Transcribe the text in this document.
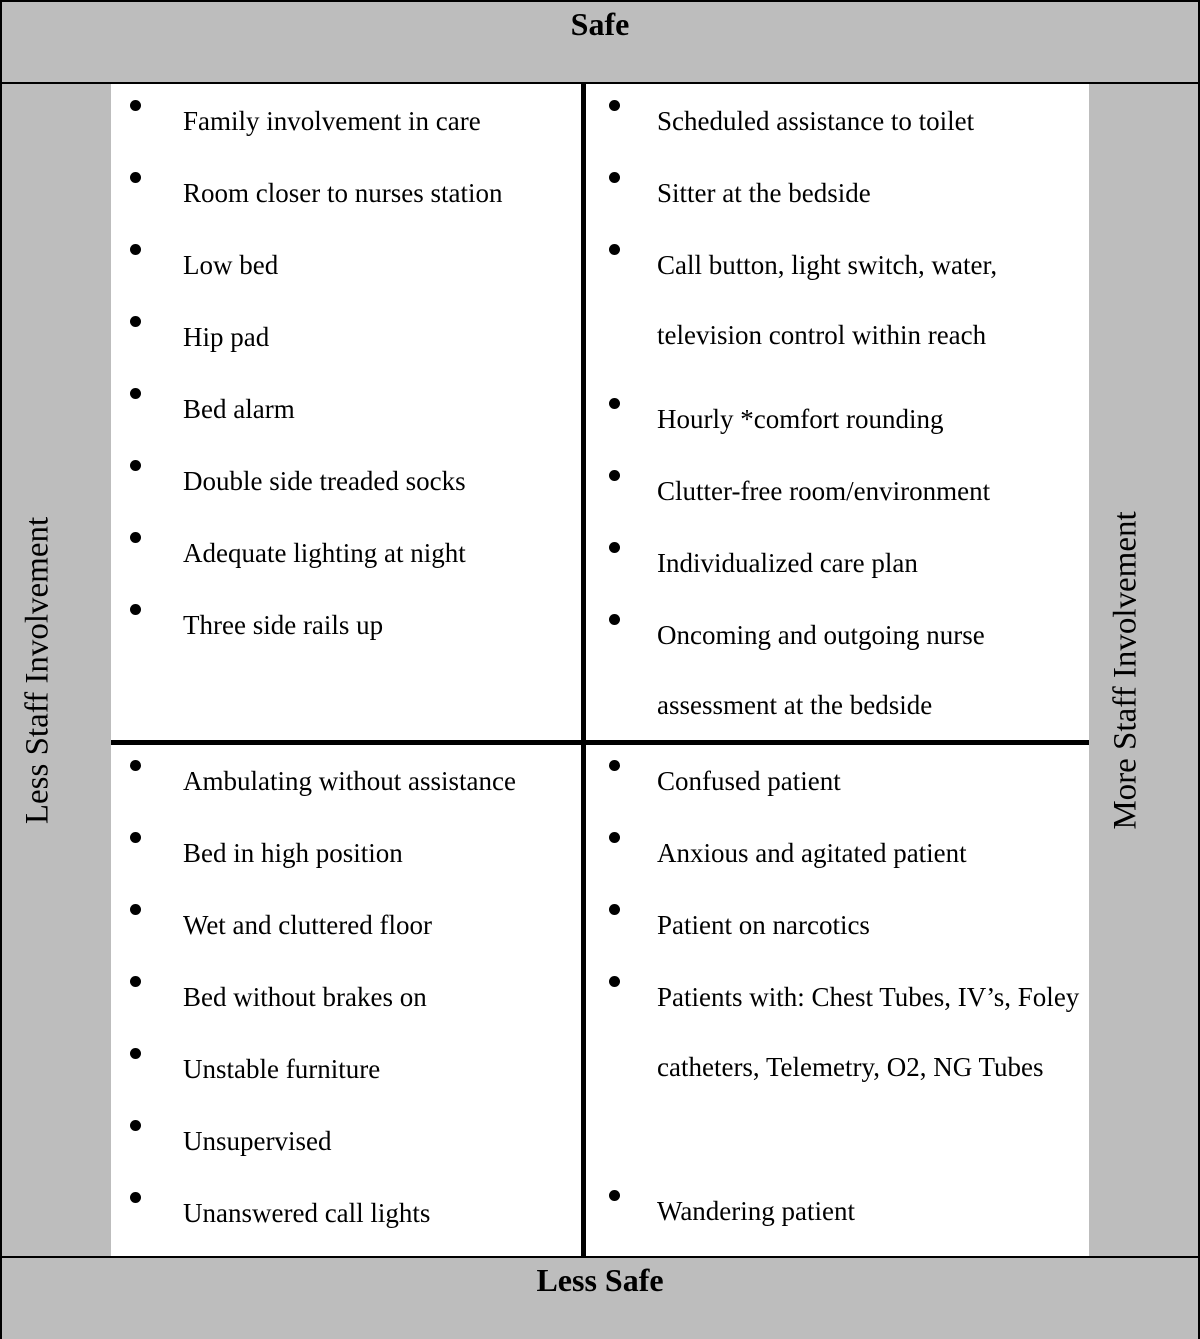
Safe
Less Safe
Less Staff Involvement	More Staff Involvement
Family involvement in care
Room closer to nurses station
Low bed
Hip pad
Bed alarm
Double side treaded socks
Adequate lighting at night
Three side rails up
Scheduled assistance to toilet
Sitter at the bedside
Call button, light switch, water, television control within reach
Hourly *comfort rounding
Clutter-free room/environment
Individualized care plan
Oncoming and outgoing nurse assessment at the bedside
Ambulating without assistance
Bed in high position
Wet and cluttered floor
Bed without brakes on
Unstable furniture
Unsupervised
Unanswered call lights
Confused patient
Anxious and agitated patient
Patient on narcotics
Patients with: Chest Tubes, IV’s, Foley catheters, Telemetry, O2, NG Tubes
Wandering patient
